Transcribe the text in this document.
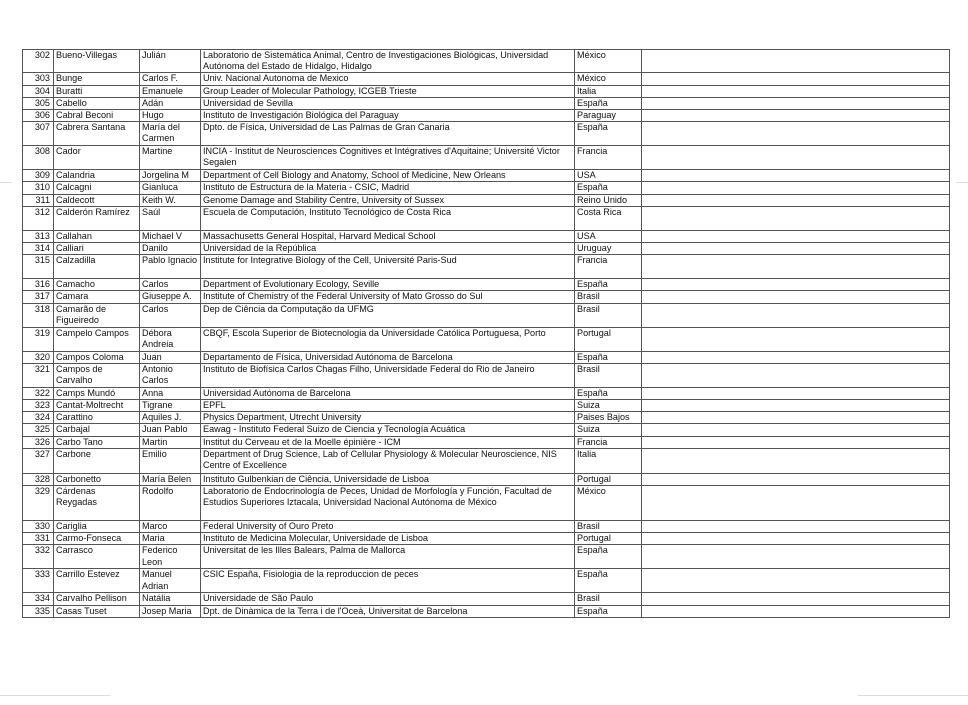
302	Bueno-Villegas	Julián	Laboratorio de Sistemática Animal, Centro de Investigaciones Biológicas, Universidad Autónoma del Estado de Hidalgo, Hidalgo	México	
303	Bunge	Carlos F.	Univ. Nacional Autonoma de Mexico	México	
304	Buratti	Emanuele	Group Leader of Molecular Pathology, ICGEB Trieste	Italia	
305	Cabello	Adán	Universidad de Sevilla	España	
306	Cabral Beconi	Hugo	Instituto de Investigación Biológica del Paraguay	Paraguay	
307	Cabrera Santana	María del Carmen	Dpto. de Física, Universidad de Las Palmas de Gran Canaria	España	
308	Cador	Martine	INCIA - Institut de Neurosciences Cognitives et Intégratives d'Aquitaine; Université Victor Segalen	Francia	
309	Calandria	Jorgelina M	Department of Cell Biology and Anatomy, School of Medicine, New Orleans	USA	
310	Calcagni	Gianluca	Instituto de Estructura de la Materia - CSIC, Madrid	España	
311	Caldecott	Keith W.	Genome Damage and Stability Centre, University of Sussex	Reino Unido	
312	Calderón Ramírez	Saúl	Escuela de Computación, Instituto Tecnológico de Costa Rica	Costa Rica	
313	Callahan	Michael V	Massachusetts General Hospital, Harvard Medical School	USA	
314	Calliari	Danilo	Universidad de la República	Uruguay	
315	Calzadilla	Pablo Ignacio	Institute for Integrative Biology of the Cell, Université Paris-Sud	Francia	
316	Camacho	Carlos	Department of Evolutionary Ecology, Seville	España	
317	Camara	Giuseppe A.	Institute of Chemistry of the Federal University of Mato Grosso do Sul	Brasil	
318	Camarão de Figueiredo	Carlos	Dep de Ciência da Computação da UFMG	Brasil	
319	Campelo Campos	Débora Andreia	CBQF, Escola Superior de Biotecnologia da Universidade Católica Portuguesa, Porto	Portugal	
320	Campos Coloma	Juan	Departamento de Física, Universidad Autónoma de Barcelona	España	
321	Campos de Carvalho	Antonio Carlos	Instituto de Biofísica Carlos Chagas Filho, Universidade Federal do Rio de Janeiro	Brasil	
322	Camps Mundó	Anna	Universidad Autónoma de Barcelona	España	
323	Cantat-Moltrecht	Tigrane	EPFL	Suiza	
324	Carattino	Aquiles J.	Physics Department, Utrecht University	Paises Bajos	
325	Carbajal	Juan Pablo	Eawag - Instituto Federal Suizo de Ciencia y Tecnología Acuática	Suiza	
326	Carbo Tano	Martin	Institut du Cerveau et de la Moelle épinière - ICM	Francia	
327	Carbone	Emilio	Department of Drug Science, Lab of Cellular Physiology & Molecular Neuroscience, NIS Centre of Excellence	Italia	
328	Carbonetto	María Belen	Instituto Gulbenkian de Ciência, Universidade de Lisboa	Portugal	
329	Cárdenas Reygadas	Rodolfo	Laboratorio de Endocrinología de Peces, Unidad de Morfología y Función, Facultad de Estudios Superiores Iztacala, Universidad Nacional Autónoma de México	México	
330	Cariglia	Marco	Federal University of Ouro Preto	Brasil	
331	Carmo-Fonseca	Maria	Instituto de Medicina Molecular, Universidade de Lisboa	Portugal	
332	Carrasco	Federico Leon	Universitat de les Illes Balears, Palma de Mallorca	España	
333	Carrillo Estevez	Manuel Adrian	CSIC España, Fisiologia de la reproduccion de peces	España	
334	Carvalho Pellison	Natália	Universidade de São Paulo	Brasil	
335	Casas Tuset	Josep Maria	Dpt. de Dinàmica de la Terra i de l'Oceà, Universitat de Barcelona	España	
